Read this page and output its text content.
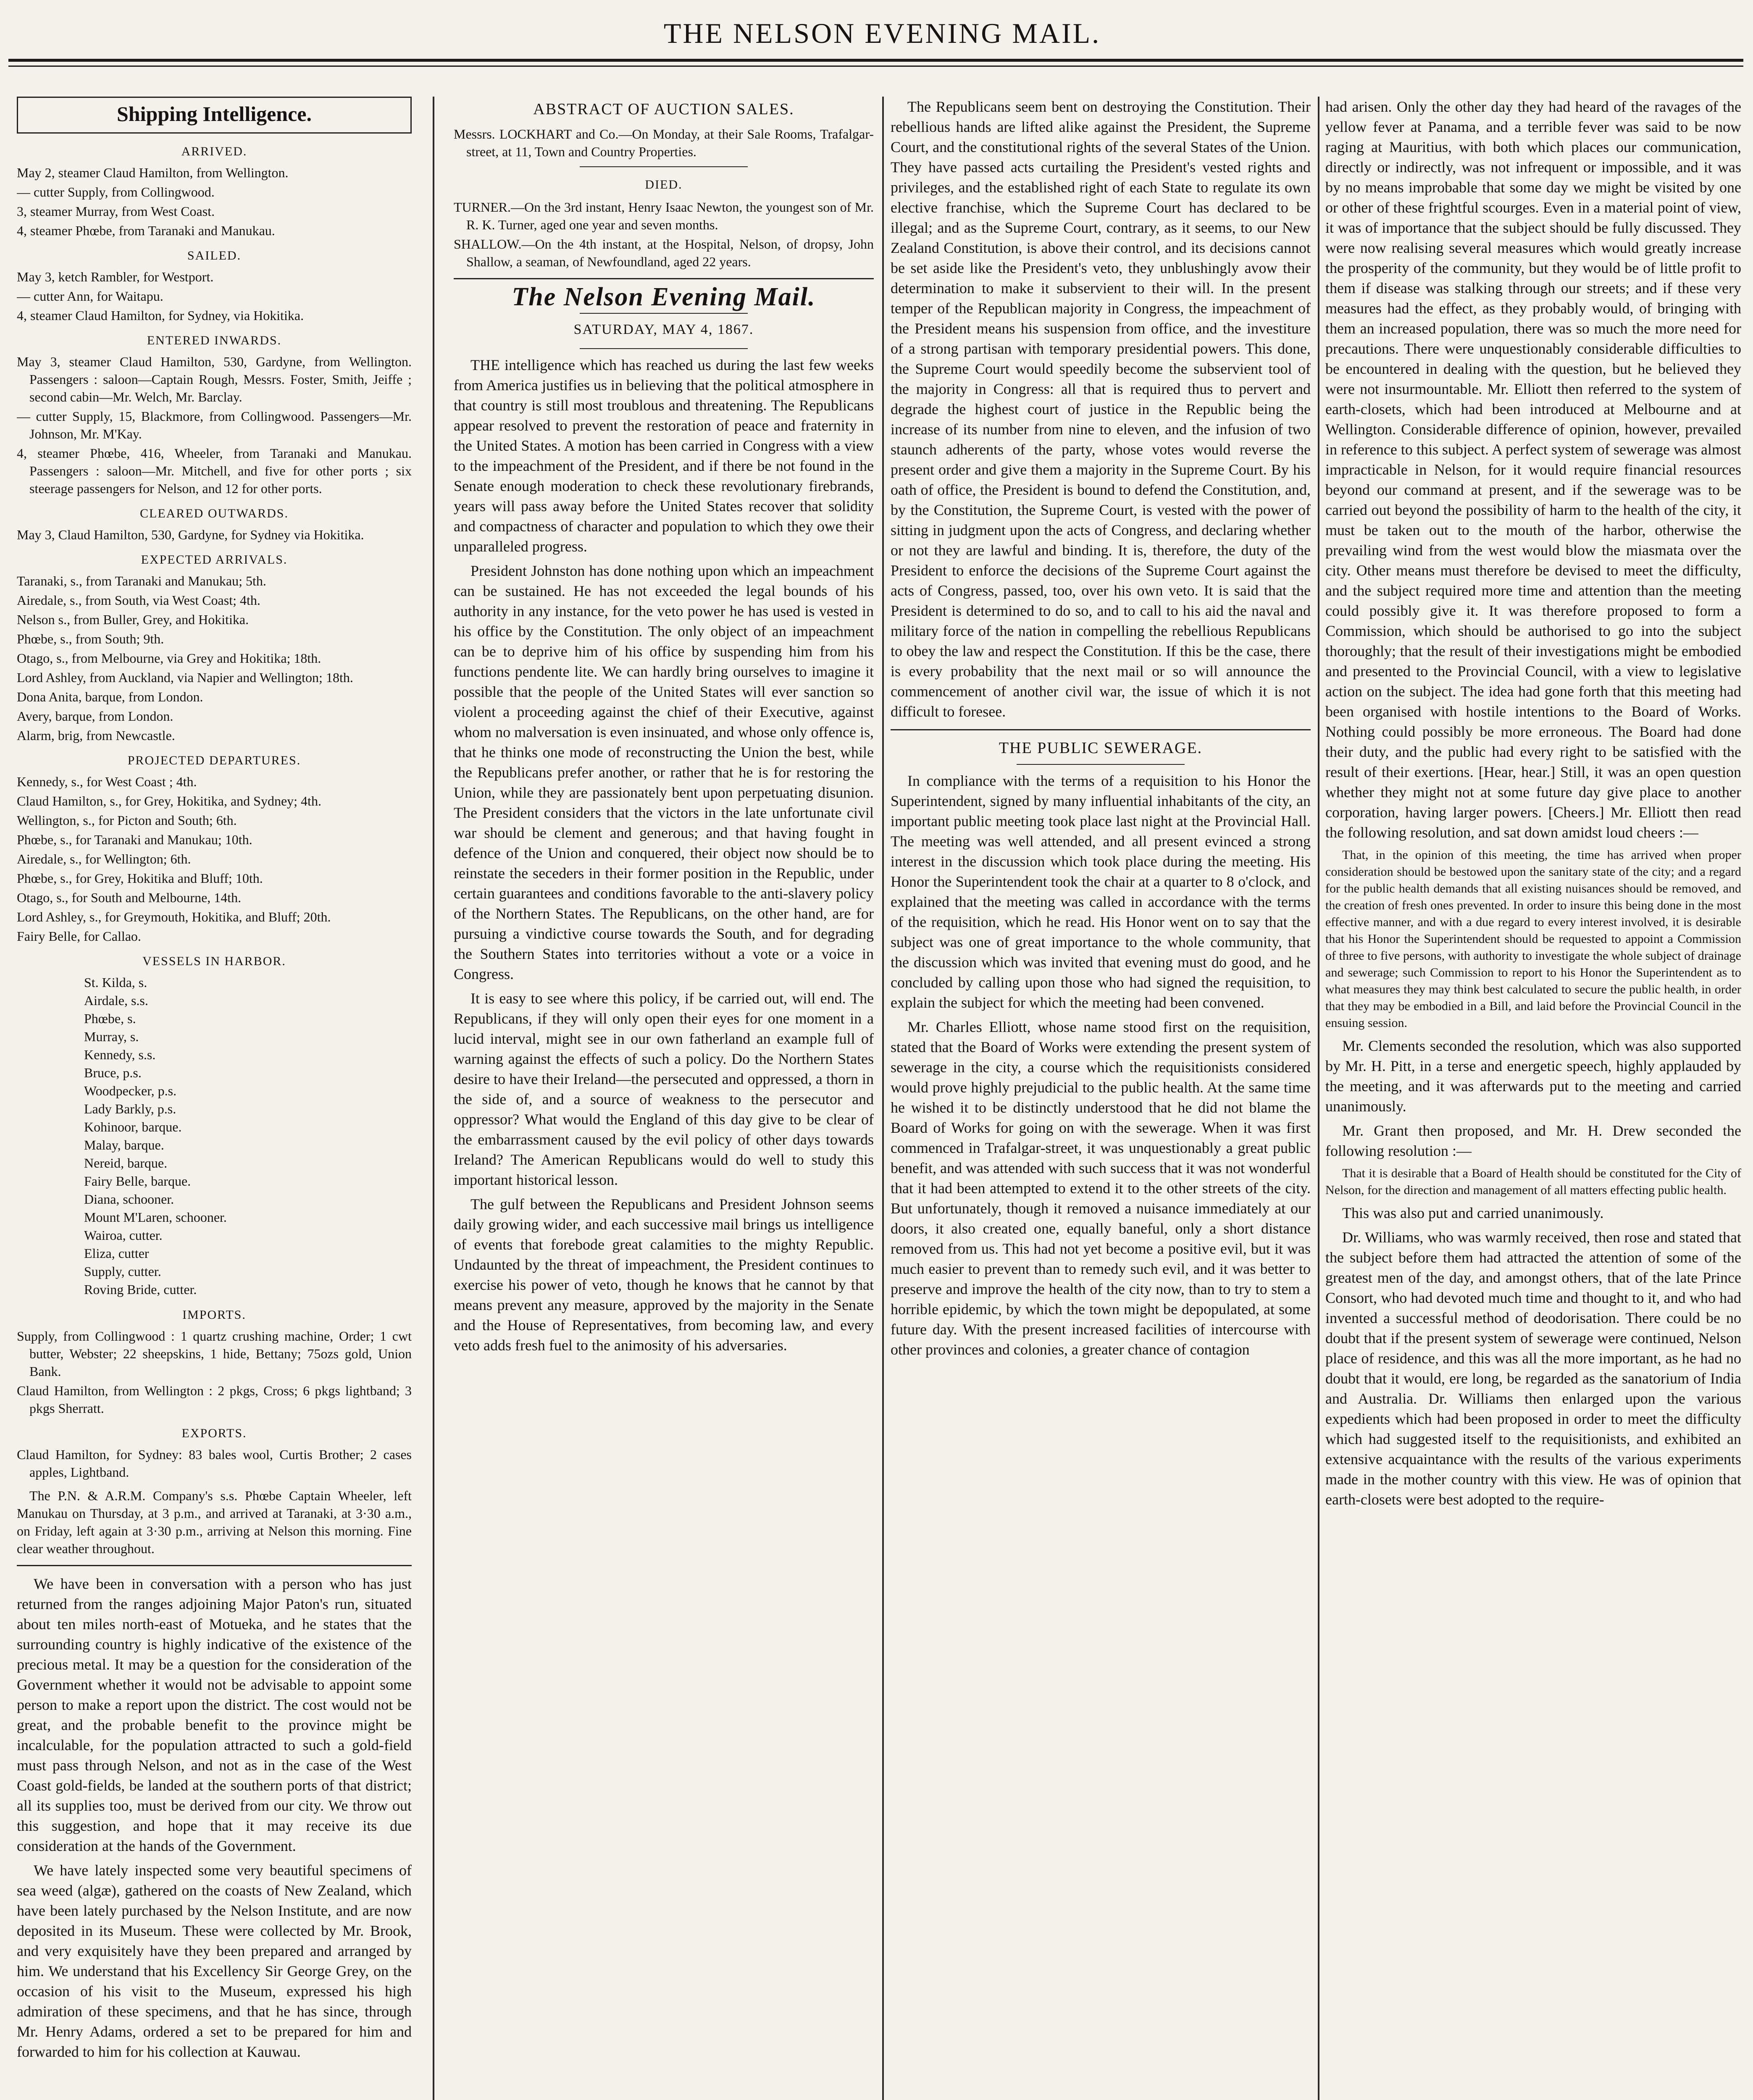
THE NELSON EVENING MAIL.
Shipping Intelligence.
ARRIVED.

May 2, steamer Claud Hamilton, from Wellington.

— cutter Supply, from Collingwood.

3, steamer Murray, from West Coast.

4, steamer Phœbe, from Taranaki and Manukau.

SAILED.

May 3, ketch Rambler, for Westport.

— cutter Ann, for Waitapu.

4, steamer Claud Hamilton, for Sydney, via Hokitika.

ENTERED INWARDS.

May 3, steamer Claud Hamilton, 530, Gardyne, from Wellington. Passengers : saloon—Captain Rough, Messrs. Foster, Smith, Jeiffe ; second cabin—Mr. Welch, Mr. Barclay.

— cutter Supply, 15, Blackmore, from Collingwood. Passengers—Mr. Johnson, Mr. M'Kay.

4, steamer Phœbe, 416, Wheeler, from Taranaki and Manukau. Passengers : saloon—Mr. Mitchell, and five for other ports ; six steerage passengers for Nelson, and 12 for other ports.

CLEARED OUTWARDS.

May 3, Claud Hamilton, 530, Gardyne, for Sydney via Hokitika.

EXPECTED ARRIVALS.

Taranaki, s., from Taranaki and Manukau; 5th.

Airedale, s., from South, via West Coast; 4th.

Nelson s., from Buller, Grey, and Hokitika.

Phœbe, s., from South; 9th.

Otago, s., from Melbourne, via Grey and Hokitika; 18th.

Lord Ashley, from Auckland, via Napier and Wellington; 18th.

Dona Anita, barque, from London.

Avery, barque, from London.

Alarm, brig, from Newcastle.

PROJECTED DEPARTURES.

Kennedy, s., for West Coast ; 4th.

Claud Hamilton, s., for Grey, Hokitika, and Sydney; 4th.

Wellington, s., for Picton and South; 6th.

Phœbe, s., for Taranaki and Manukau; 10th.

Airedale, s., for Wellington; 6th.

Phœbe, s., for Grey, Hokitika and Bluff; 10th.

Otago, s., for South and Melbourne, 14th.

Lord Ashley, s., for Greymouth, Hokitika, and Bluff; 20th.

Fairy Belle, for Callao.

VESSELS IN HARBOR.
St. Kilda, s.
Airdale, s.s.
Phœbe, s.
Murray, s.
Kennedy, s.s.
Bruce, p.s.
Woodpecker, p.s.
Lady Barkly, p.s.
Kohinoor, barque.
Malay, barque.
Nereid, barque.
Fairy Belle, barque.
Diana, schooner.
Mount M'Laren, schooner.
Wairoa, cutter.
Eliza, cutter
Supply, cutter.
Roving Bride, cutter.
IMPORTS.

Supply, from Collingwood : 1 quartz crushing machine, Order; 1 cwt butter, Webster; 22 sheepskins, 1 hide, Bettany; 75ozs gold, Union Bank.

Claud Hamilton, from Wellington : 2 pkgs, Cross; 6 pkgs lightband; 3 pkgs Sherratt.

EXPORTS.

Claud Hamilton, for Sydney: 83 bales wool, Curtis Brother; 2 cases apples, Lightband.

The P.N. & A.R.M. Company's s.s. Phœbe Captain Wheeler, left Manukau on Thursday, at 3 p.m., and arrived at Taranaki, at 3·30 a.m., on Friday, left again at 3·30 p.m., arriving at Nelson this morning. Fine clear weather throughout.

We have been in conversation with a person who has just returned from the ranges adjoining Major Paton's run, situated about ten miles north-east of Motueka, and he states that the surrounding country is highly indicative of the existence of the precious metal. It may be a question for the consideration of the Government whether it would not be advisable to appoint some person to make a report upon the district. The cost would not be great, and the probable benefit to the province might be incalculable, for the population attracted to such a gold-field must pass through Nelson, and not as in the case of the West Coast gold-fields, be landed at the southern ports of that district; all its supplies too, must be derived from our city. We throw out this suggestion, and hope that it may receive its due consideration at the hands of the Government.

We have lately inspected some very beautiful specimens of sea weed (algæ), gathered on the coasts of New Zealand, which have been lately purchased by the Nelson Institute, and are now deposited in its Museum. These were collected by Mr. Brook, and very exquisitely have they been prepared and arranged by him. We understand that his Excellency Sir George Grey, on the occasion of his visit to the Museum, expressed his high admiration of these specimens, and that he has since, through Mr. Henry Adams, ordered a set to be prepared for him and forwarded to him for his collection at Kauwau.

ABSTRACT OF AUCTION SALES.

Messrs. LOCKHART and Co.—On Monday, at their Sale Rooms, Trafalgar-street, at 11, Town and Country Properties.

DIED.

TURNER.—On the 3rd instant, Henry Isaac Newton, the youngest son of Mr. R. K. Turner, aged one year and seven months.

SHALLOW.—On the 4th instant, at the Hospital, Nelson, of dropsy, John Shallow, a seaman, of Newfoundland, aged 22 years.

The Nelson Evening Mail.
SATURDAY, MAY 4, 1867.

THE intelligence which has reached us during the last few weeks from America justifies us in believing that the political atmosphere in that country is still most troublous and threatening. The Republicans appear resolved to prevent the restoration of peace and fraternity in the United States. A motion has been carried in Congress with a view to the impeachment of the President, and if there be not found in the Senate enough moderation to check these revolutionary firebrands, years will pass away before the United States recover that solidity and compactness of character and population to which they owe their unparalleled progress.

President Johnston has done nothing upon which an impeachment can be sustained. He has not exceeded the legal bounds of his authority in any instance, for the veto power he has used is vested in his office by the Constitution. The only object of an impeachment can be to deprive him of his office by suspending him from his functions pendente lite. We can hardly bring ourselves to imagine it possible that the people of the United States will ever sanction so violent a proceeding against the chief of their Executive, against whom no malversation is even insinuated, and whose only offence is, that he thinks one mode of reconstructing the Union the best, while the Republicans prefer another, or rather that he is for restoring the Union, while they are passionately bent upon perpetuating disunion. The President considers that the victors in the late unfortunate civil war should be clement and generous; and that having fought in defence of the Union and conquered, their object now should be to reinstate the seceders in their former position in the Republic, under certain guarantees and conditions favorable to the anti-slavery policy of the Northern States. The Republicans, on the other hand, are for pursuing a vindictive course towards the South, and for degrading the Southern States into territories without a vote or a voice in Congress.

It is easy to see where this policy, if be carried out, will end. The Republicans, if they will only open their eyes for one moment in a lucid interval, might see in our own fatherland an example full of warning against the effects of such a policy. Do the Northern States desire to have their Ireland—the persecuted and oppressed, a thorn in the side of, and a source of weakness to the persecutor and oppressor? What would the England of this day give to be clear of the embarrassment caused by the evil policy of other days towards Ireland? The American Republicans would do well to study this important historical lesson.

The gulf between the Republicans and President Johnson seems daily growing wider, and each successive mail brings us intelligence of events that forebode great calamities to the mighty Republic. Undaunted by the threat of impeachment, the President continues to exercise his power of veto, though he knows that he cannot by that means prevent any measure, approved by the majority in the Senate and the House of Representatives, from becoming law, and every veto adds fresh fuel to the animosity of his adversaries.

The Republicans seem bent on destroying the Constitution. Their rebellious hands are lifted alike against the President, the Supreme Court, and the constitutional rights of the several States of the Union. They have passed acts curtailing the President's vested rights and privileges, and the established right of each State to regulate its own elective franchise, which the Supreme Court has declared to be illegal; and as the Supreme Court, contrary, as it seems, to our New Zealand Constitution, is above their control, and its decisions cannot be set aside like the President's veto, they unblushingly avow their determination to make it subservient to their will. In the present temper of the Republican majority in Congress, the impeachment of the President means his suspension from office, and the investiture of a strong partisan with temporary presidential powers. This done, the Supreme Court would speedily become the subservient tool of the majority in Congress: all that is required thus to pervert and degrade the highest court of justice in the Republic being the increase of its number from nine to eleven, and the infusion of two staunch adherents of the party, whose votes would reverse the present order and give them a majority in the Supreme Court. By his oath of office, the President is bound to defend the Constitution, and, by the Constitution, the Supreme Court, is vested with the power of sitting in judgment upon the acts of Congress, and declaring whether or not they are lawful and binding. It is, therefore, the duty of the President to enforce the decisions of the Supreme Court against the acts of Congress, passed, too, over his own veto. It is said that the President is determined to do so, and to call to his aid the naval and military force of the nation in compelling the rebellious Republicans to obey the law and respect the Constitution. If this be the case, there is every probability that the next mail or so will announce the commencement of another civil war, the issue of which it is not difficult to foresee.

THE PUBLIC SEWERAGE.

In compliance with the terms of a requisition to his Honor the Superintendent, signed by many influential inhabitants of the city, an important public meeting took place last night at the Provincial Hall. The meeting was well attended, and all present evinced a strong interest in the discussion which took place during the meeting. His Honor the Superintendent took the chair at a quarter to 8 o'clock, and explained that the meeting was called in accordance with the terms of the requisition, which he read. His Honor went on to say that the subject was one of great importance to the whole community, that the discussion which was invited that evening must do good, and he concluded by calling upon those who had signed the requisition, to explain the subject for which the meeting had been convened.

Mr. Charles Elliott, whose name stood first on the requisition, stated that the Board of Works were extending the present system of sewerage in the city, a course which the requisitionists considered would prove highly prejudicial to the public health. At the same time he wished it to be distinctly understood that he did not blame the Board of Works for going on with the sewerage. When it was first commenced in Trafalgar-street, it was unquestionably a great public benefit, and was attended with such success that it was not wonderful that it had been attempted to extend it to the other streets of the city. But unfortunately, though it removed a nuisance immediately at our doors, it also created one, equally baneful, only a short distance removed from us. This had not yet become a positive evil, but it was much easier to prevent than to remedy such evil, and it was better to preserve and improve the health of the city now, than to try to stem a horrible epidemic, by which the town might be depopulated, at some future day. With the present increased facilities of intercourse with other provinces and colonies, a greater chance of contagion

had arisen. Only the other day they had heard of the ravages of the yellow fever at Panama, and a terrible fever was said to be now raging at Mauritius, with both which places our communication, directly or indirectly, was not infrequent or impossible, and it was by no means improbable that some day we might be visited by one or other of these frightful scourges. Even in a material point of view, it was of importance that the subject should be fully discussed. They were now realising several measures which would greatly increase the prosperity of the community, but they would be of little profit to them if disease was stalking through our streets; and if these very measures had the effect, as they probably would, of bringing with them an increased population, there was so much the more need for precautions. There were unquestionably considerable difficulties to be encountered in dealing with the question, but he believed they were not insurmountable. Mr. Elliott then referred to the system of earth-closets, which had been introduced at Melbourne and at Wellington. Considerable difference of opinion, however, prevailed in reference to this subject. A perfect system of sewerage was almost impracticable in Nelson, for it would require financial resources beyond our command at present, and if the sewerage was to be carried out beyond the possibility of harm to the health of the city, it must be taken out to the mouth of the harbor, otherwise the prevailing wind from the west would blow the miasmata over the city. Other means must therefore be devised to meet the difficulty, and the subject required more time and attention than the meeting could possibly give it. It was therefore proposed to form a Commission, which should be authorised to go into the subject thoroughly; that the result of their investigations might be embodied and presented to the Provincial Council, with a view to legislative action on the subject. The idea had gone forth that this meeting had been organised with hostile intentions to the Board of Works. Nothing could possibly be more erroneous. The Board had done their duty, and the public had every right to be satisfied with the result of their exertions. [Hear, hear.] Still, it was an open question whether they might not at some future day give place to another corporation, having larger powers. [Cheers.] Mr. Elliott then read the following resolution, and sat down amidst loud cheers :—

That, in the opinion of this meeting, the time has arrived when proper consideration should be bestowed upon the sanitary state of the city; and a regard for the public health demands that all existing nuisances should be removed, and the creation of fresh ones prevented. In order to insure this being done in the most effective manner, and with a due regard to every interest involved, it is desirable that his Honor the Superintendent should be requested to appoint a Commission of three to five persons, with authority to investigate the whole subject of drainage and sewerage; such Commission to report to his Honor the Superintendent as to what measures they may think best calculated to secure the public health, in order that they may be embodied in a Bill, and laid before the Provincial Council in the ensuing session.

Mr. Clements seconded the resolution, which was also supported by Mr. H. Pitt, in a terse and energetic speech, highly applauded by the meeting, and it was afterwards put to the meeting and carried unanimously.

Mr. Grant then proposed, and Mr. H. Drew seconded the following resolution :—

That it is desirable that a Board of Health should be constituted for the City of Nelson, for the direction and management of all matters effecting public health.

This was also put and carried unanimously.

Dr. Williams, who was warmly received, then rose and stated that the subject before them had attracted the attention of some of the greatest men of the day, and amongst others, that of the late Prince Consort, who had devoted much time and thought to it, and who had invented a successful method of deodorisation. There could be no doubt that if the present system of sewerage were continued, Nelson place of residence, and this was all the more important, as he had no doubt that it would, ere long, be regarded as the sanatorium of India and Australia. Dr. Williams then enlarged upon the various expedients which had been proposed in order to meet the difficulty which had suggested itself to the requisitionists, and exhibited an extensive acquaintance with the results of the various experiments made in the mother country with this view. He was of opinion that earth-closets were best adopted to the require-
